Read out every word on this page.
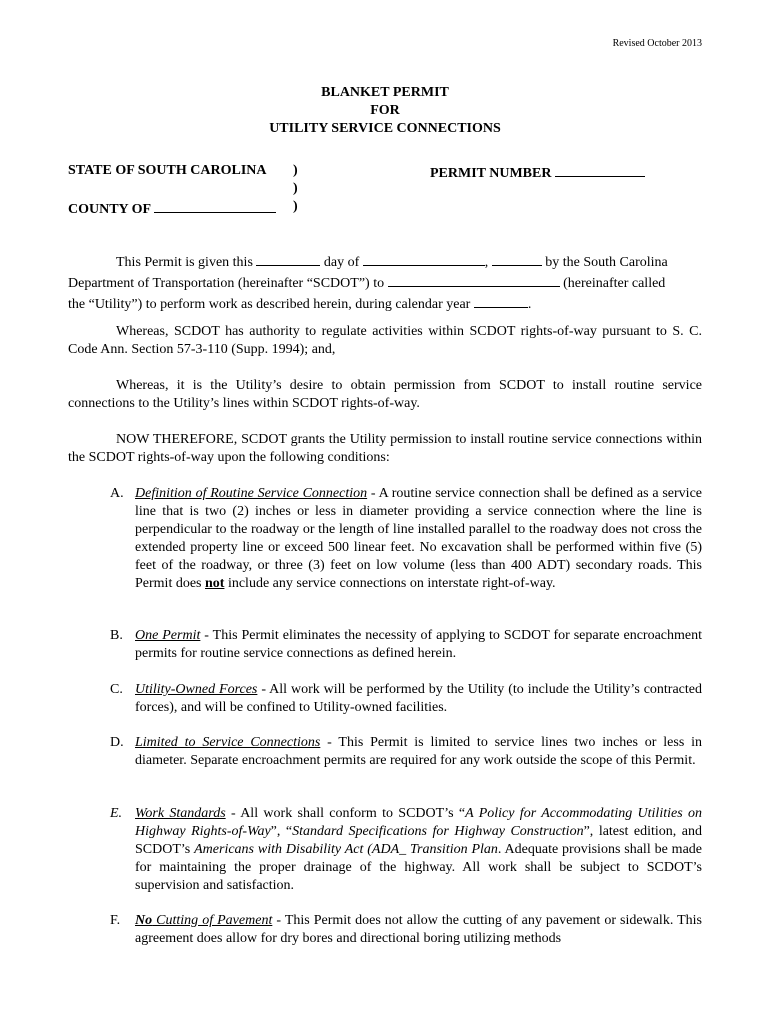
Revised October 2013
BLANKET PERMIT
FOR
UTILITY SERVICE CONNECTIONS
STATE OF SOUTH CAROLINA )
)
)
COUNTY OF
PERMIT NUMBER
This Permit is given this	day of	,	by the South Carolina
Department of Transportation (hereinafter “SCDOT”) to	(hereinafter called
the “Utility”) to perform work as described herein, during calendar year	.
Whereas, SCDOT has authority to regulate activities within SCDOT rights-of-way pursuant to S. C. Code Ann. Section 57-3-110 (Supp. 1994); and,
Whereas, it is the Utility’s desire to obtain permission from SCDOT to install routine service connections to the Utility’s lines within SCDOT rights-of-way.
NOW THEREFORE, SCDOT grants the Utility permission to install routine service connections within the SCDOT rights-of-way upon the following conditions:
A. Definition of Routine Service Connection - A routine service connection shall be defined as a service line that is two (2) inches or less in diameter providing a service connection where the line is perpendicular to the roadway or the length of line installed parallel to the roadway does not cross the extended property line or exceed 500 linear feet. No excavation shall be performed within five (5) feet of the roadway, or three (3) feet on low volume (less than 400 ADT) secondary roads. This Permit does not include any service connections on interstate right-of-way.
B. One Permit - This Permit eliminates the necessity of applying to SCDOT for separate encroachment permits for routine service connections as defined herein.
C. Utility-Owned Forces - All work will be performed by the Utility (to include the Utility’s contracted forces), and will be confined to Utility-owned facilities.
D. Limited to Service Connections - This Permit is limited to service lines two inches or less in diameter. Separate encroachment permits are required for any work outside the scope of this Permit.
E. Work Standards - All work shall conform to SCDOT’s “A Policy for Accommodating Utilities on Highway Rights-of-Way”, “Standard Specifications for Highway Construction”, latest edition, and SCDOT’s Americans with Disability Act (ADA_ Transition Plan. Adequate provisions shall be made for maintaining the proper drainage of the highway. All work shall be subject to SCDOT’s supervision and satisfaction.
F. No Cutting of Pavement - This Permit does not allow the cutting of any pavement or sidewalk. This agreement does allow for dry bores and directional boring utilizing methods
